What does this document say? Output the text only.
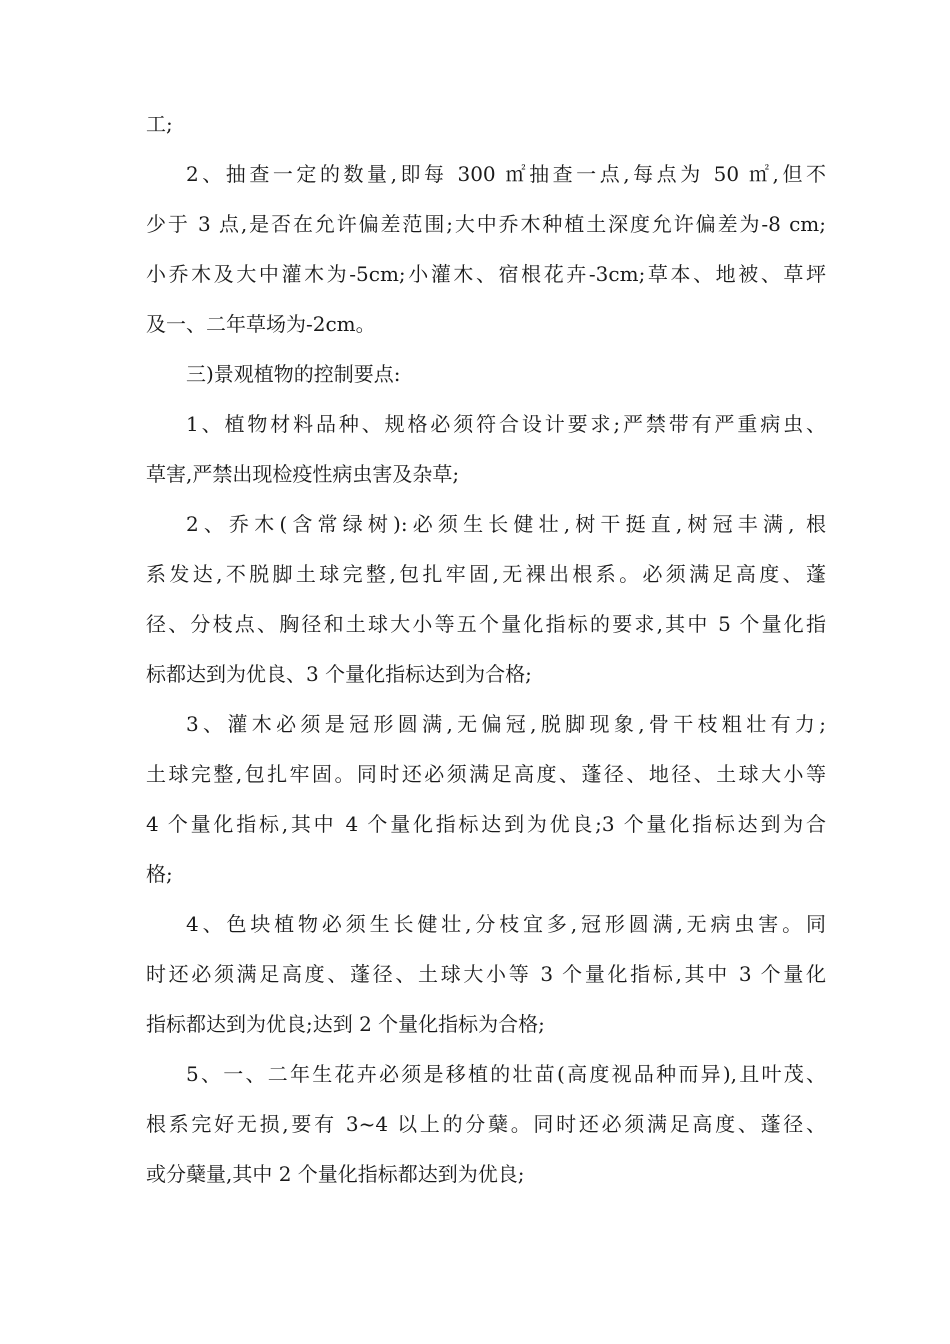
工;
2、抽查一定的数量,即每 300 ㎡抽查一点,每点为 50 ㎡,但不
少于 3 点,是否在允许偏差范围;大中乔木种植土深度允许偏差为-8 cm;
小乔木及大中灌木为-5cm;小灌木、宿根花卉-3cm;草本、地被、草坪
及一、二年草场为-2cm。
三)景观植物的控制要点:
1、植物材料品种、规格必须符合设计要求;严禁带有严重病虫、
草害,严禁出现检疫性病虫害及杂草;
2、乔木(含常绿树):必须生长健壮,树干挺直,树冠丰满, 根
系发达,不脱脚土球完整,包扎牢固,无裸出根系。必须满足高度、蓬
径、分枝点、胸径和土球大小等五个量化指标的要求,其中 5 个量化指
标都达到为优良、3 个量化指标达到为合格;
3、灌木必须是冠形圆满,无偏冠,脱脚现象,骨干枝粗壮有力;
土球完整,包扎牢固。同时还必须满足高度、蓬径、地径、土球大小等
4 个量化指标,其中 4 个量化指标达到为优良;3 个量化指标达到为合
格;
4、色块植物必须生长健壮,分枝宜多,冠形圆满,无病虫害。同
时还必须满足高度、蓬径、土球大小等 3 个量化指标,其中 3 个量化
指标都达到为优良;达到 2 个量化指标为合格;
5、一、二年生花卉必须是移植的壮苗(高度视品种而异),且叶茂、
根系完好无损,要有 3~4 以上的分蘖。同时还必须满足高度、蓬径、
或分蘖量,其中 2 个量化指标都达到为优良;
